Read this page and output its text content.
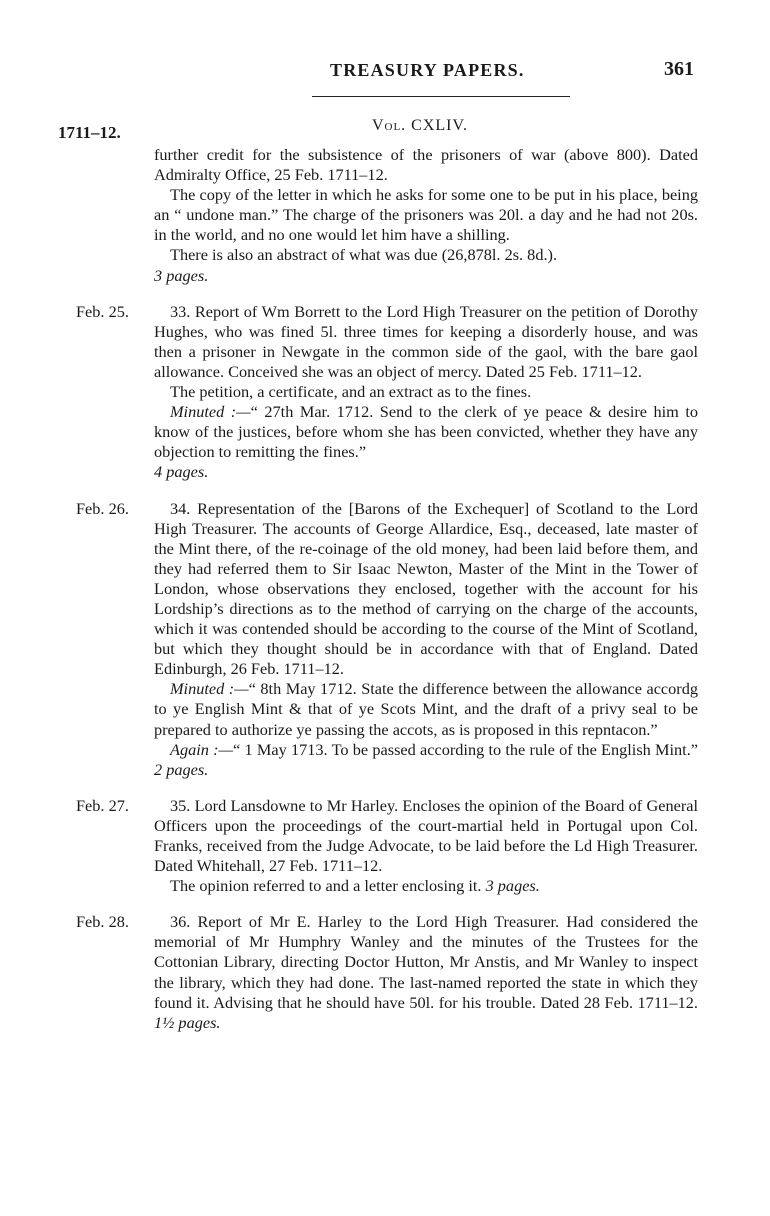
TREASURY PAPERS.	361
1711–12.	Vol. CXLIV.

further credit for the subsistence of the prisoners of war (above 800). Dated Admiralty Office, 25 Feb. 1711–12.

The copy of the letter in which he asks for some one to be put in his place, being an “ undone man.” The charge of the prisoners was 20l. a day and he had not 20s. in the world, and no one would let him have a shilling.

There is also an abstract of what was due (26,878l. 2s. 8d.).

3 pages.

Feb. 25.	33. Report of Wm Borrett to the Lord High Treasurer on the petition of Dorothy Hughes, who was fined 5l. three times for keeping a disorderly house, and was then a prisoner in Newgate in the common side of the gaol, with the bare gaol allowance. Conceived she was an object of mercy. Dated 25 Feb. 1711–12.

The petition, a certificate, and an extract as to the fines.

Minuted :—“ 27th Mar. 1712. Send to the clerk of ye peace & desire him to know of the justices, before whom she has been convicted, whether they have any objection to remitting the fines.”

4 pages.

Feb. 26.	34. Representation of the [Barons of the Exchequer] of Scotland to the Lord High Treasurer. The accounts of George Allardice, Esq., deceased, late master of the Mint there, of the re-coinage of the old money, had been laid before them, and they had referred them to Sir Isaac Newton, Master of the Mint in the Tower of London, whose observations they enclosed, together with the account for his Lordship’s directions as to the method of carrying on the charge of the accounts, which it was contended should be according to the course of the Mint of Scotland, but which they thought should be in accordance with that of England. Dated Edinburgh, 26 Feb. 1711–12.

Minuted :—“ 8th May 1712. State the difference between the allowance accordg to ye English Mint & that of ye Scots Mint, and the draft of a privy seal to be prepared to authorize ye passing the accots, as is proposed in this repntacon.”

Again :—“ 1 May 1713. To be passed according to the rule of the English Mint.” 2 pages.

Feb. 27.	35. Lord Lansdowne to Mr Harley. Encloses the opinion of the Board of General Officers upon the proceedings of the court-martial held in Portugal upon Col. Franks, received from the Judge Advocate, to be laid before the Ld High Treasurer. Dated Whitehall, 27 Feb. 1711–12.

The opinion referred to and a letter enclosing it. 3 pages.

Feb. 28.	36. Report of Mr E. Harley to the Lord High Treasurer. Had considered the memorial of Mr Humphry Wanley and the minutes of the Trustees for the Cottonian Library, directing Doctor Hutton, Mr Anstis, and Mr Wanley to inspect the library, which they had done. The last-named reported the state in which they found it. Advising that he should have 50l. for his trouble. Dated 28 Feb. 1711–12. 1½ pages.
